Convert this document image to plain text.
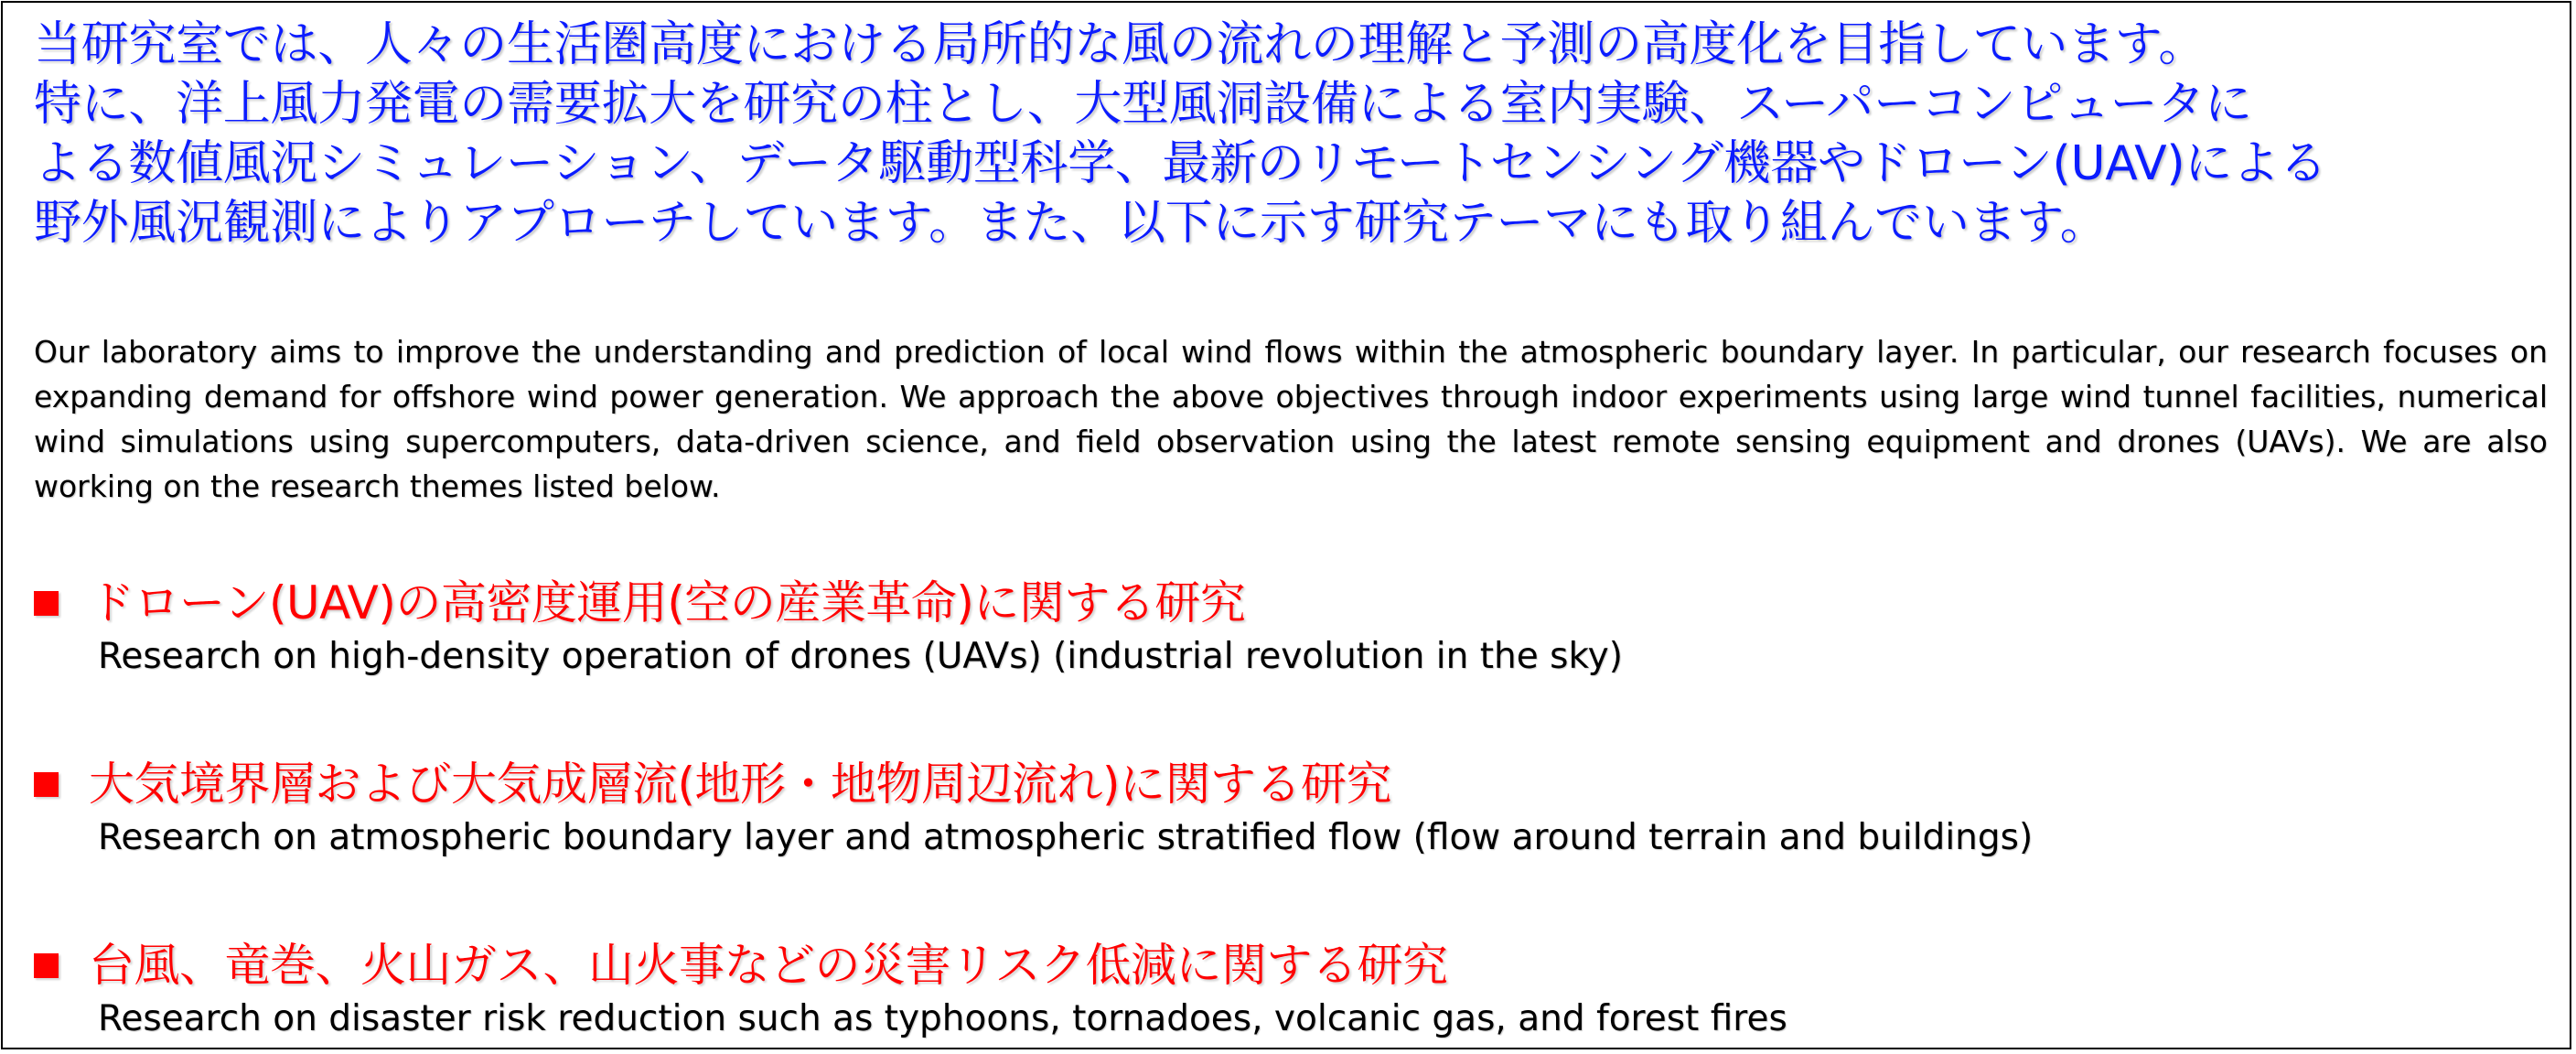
当研究室では、人々の生活圏高度における局所的な風の流れの理解と予測の高度化を目指しています。
特に、洋上風力発電の需要拡大を研究の柱とし、大型風洞設備による室内実験、スーパーコンピュータに
よる数値風況シミュレーション、データ駆動型科学、最新のリモートセンシング機器やドローン(UAV)による
野外風況観測によりアプローチしています。また、以下に示す研究テーマにも取り組んでいます。

Our laboratory aims to improve the understanding and prediction of local wind flows within the atmospheric boundary layer. In particular, our research focuses on expanding demand for offshore wind power generation. We approach the above objectives through indoor experiments using large wind tunnel facilities, numerical wind simulations using supercomputers, data-driven science, and field observation using the latest remote sensing equipment and drones (UAVs). We are also working on the research themes listed below.

ドローン(UAV)の高密度運用(空の産業革命)に関する研究
Research on high-density operation of drones (UAVs) (industrial revolution in the sky)
大気境界層および大気成層流(地形・地物周辺流れ)に関する研究
Research on atmospheric boundary layer and atmospheric stratified flow (flow around terrain and buildings)
台風、竜巻、火山ガス、山火事などの災害リスク低減に関する研究
Research on disaster risk reduction such as typhoons, tornadoes, volcanic gas, and forest fires
